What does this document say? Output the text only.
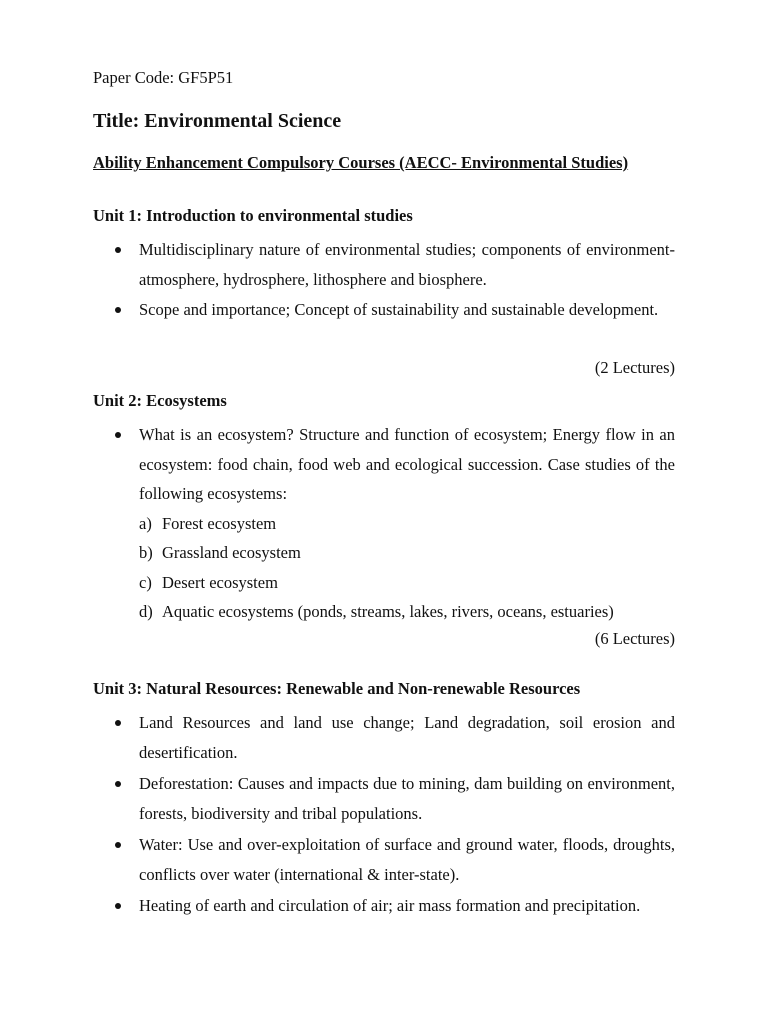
Paper Code: GF5P51
Title: Environmental Science
Ability Enhancement Compulsory Courses (AECC- Environmental Studies)
Unit 1: Introduction to environmental studies
Multidisciplinary nature of environmental studies; components of environment-atmosphere, hydrosphere, lithosphere and biosphere.
Scope and importance; Concept of sustainability and sustainable development.
(2 Lectures)
Unit 2: Ecosystems
What is an ecosystem? Structure and function of ecosystem; Energy flow in an ecosystem: food chain, food web and ecological succession. Case studies of the following ecosystems:
a) Forest ecosystem
b) Grassland ecosystem
c) Desert ecosystem
d) Aquatic ecosystems (ponds, streams, lakes, rivers, oceans, estuaries)
(6 Lectures)
Unit 3: Natural Resources: Renewable and Non-renewable Resources
Land Resources and land use change; Land degradation, soil erosion and desertification.
Deforestation: Causes and impacts due to mining, dam building on environment, forests, biodiversity and tribal populations.
Water: Use and over-exploitation of surface and ground water, floods, droughts, conflicts over water (international & inter-state).
Heating of earth and circulation of air; air mass formation and precipitation.
